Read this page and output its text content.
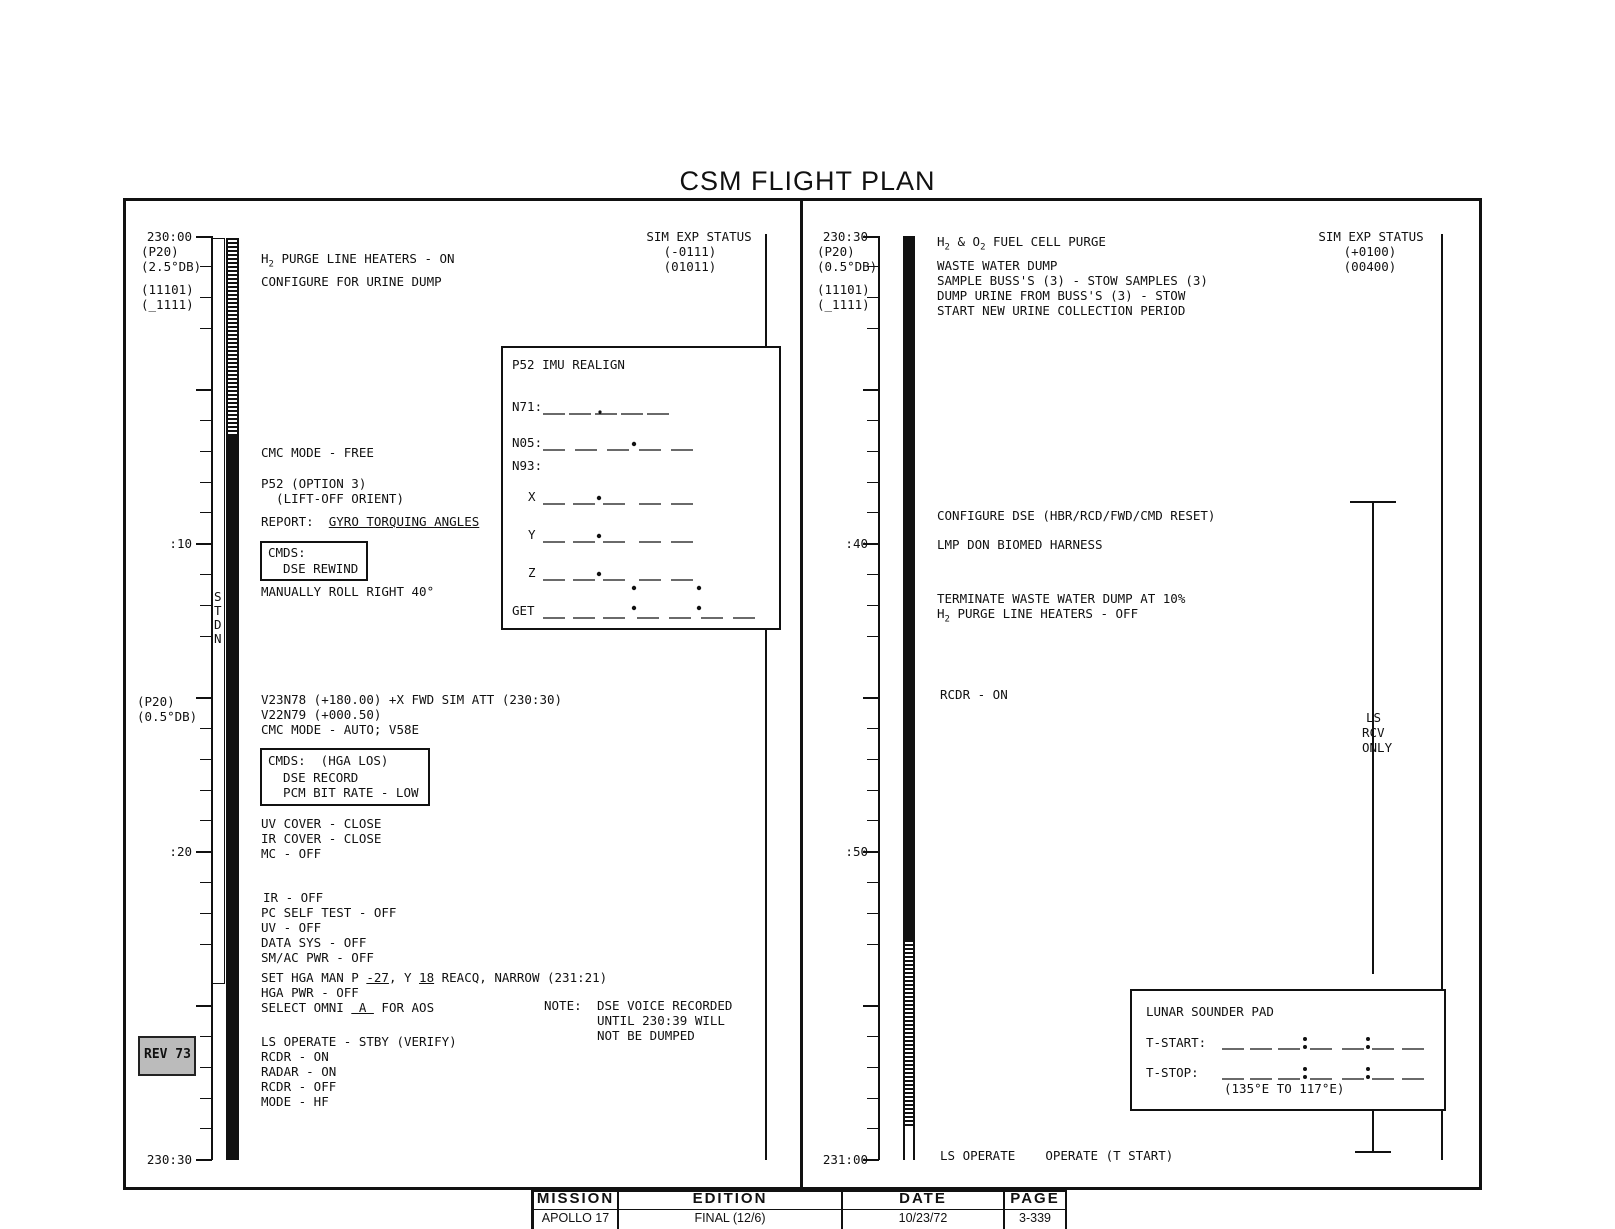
CSM FLIGHT PLAN
S
T
D
N
230:00
:10
:20
230:30
(P20)
(2.5°DB)
(11101)
(_1111)
(P20)
(0.5°DB)
REV 73
SIM EXP STATUS
(-0111)
(01011)
$H_2$ PURGE LINE HEATERS - ON
CONFIGURE FOR URINE DUMP
CMC MODE - FREE
P52 (OPTION 3)
(LIFT-OFF ORIENT)
REPORT: GYRO TORQUING ANGLES
CMDS:
DSE REWIND
MANUALLY ROLL RIGHT 40°
V23N78 (+180.00) +X FWD SIM ATT (230:30)
V22N79 (+000.50)
CMC MODE - AUTO; V58E
CMDS:  (HGA LOS)
DSE RECORD
PCM BIT RATE - LOW
UV COVER - CLOSE
IR COVER - CLOSE
MC - OFF
IR - OFF
PC SELF TEST - OFF
UV - OFF
DATA SYS - OFF
SM/AC PWR - OFF
SET HGA MAN P -27, Y 18 REACQ, NARROW (231:21)
HGA PWR - OFF
SELECT OMNI  A  FOR AOS
LS OPERATE - STBY (VERIFY)
RCDR - ON
RADAR - ON
RCDR - OFF
MODE - HF
NOTE: DSE VOICE RECORDED
UNTIL 230:39 WILL
NOT BE DUMPED
P52 IMU REALIGN
N71:
N05:
N93:
X
Y
Z
GET
230:30
:40
:50
231:00
(P20)
(0.5°DB)
(11101)
(_1111)
SIM EXP STATUS
(+0100)
(00400)
$H_2$ & $O_2$ FUEL CELL PURGE
WASTE WATER DUMP
SAMPLE BUSS'S (3) - STOW SAMPLES (3)
DUMP URINE FROM BUSS'S (3) - STOW
START NEW URINE COLLECTION PERIOD
CONFIGURE DSE (HBR/RCD/FWD/CMD RESET)
LMP DON BIOMED HARNESS
TERMINATE WASTE WATER DUMP AT 10%
$H_2$ PURGE LINE HEATERS - OFF
RCDR - ON
LS
RCV
ONLY
LS OPERATE    OPERATE (T START)
LUNAR SOUNDER PAD
T-START:
T-STOP:
(135°E TO 117°E)
MISSION
APOLLO 17
EDITION
FINAL (12/6)
DATE
10/23/72
PAGE
3-339
